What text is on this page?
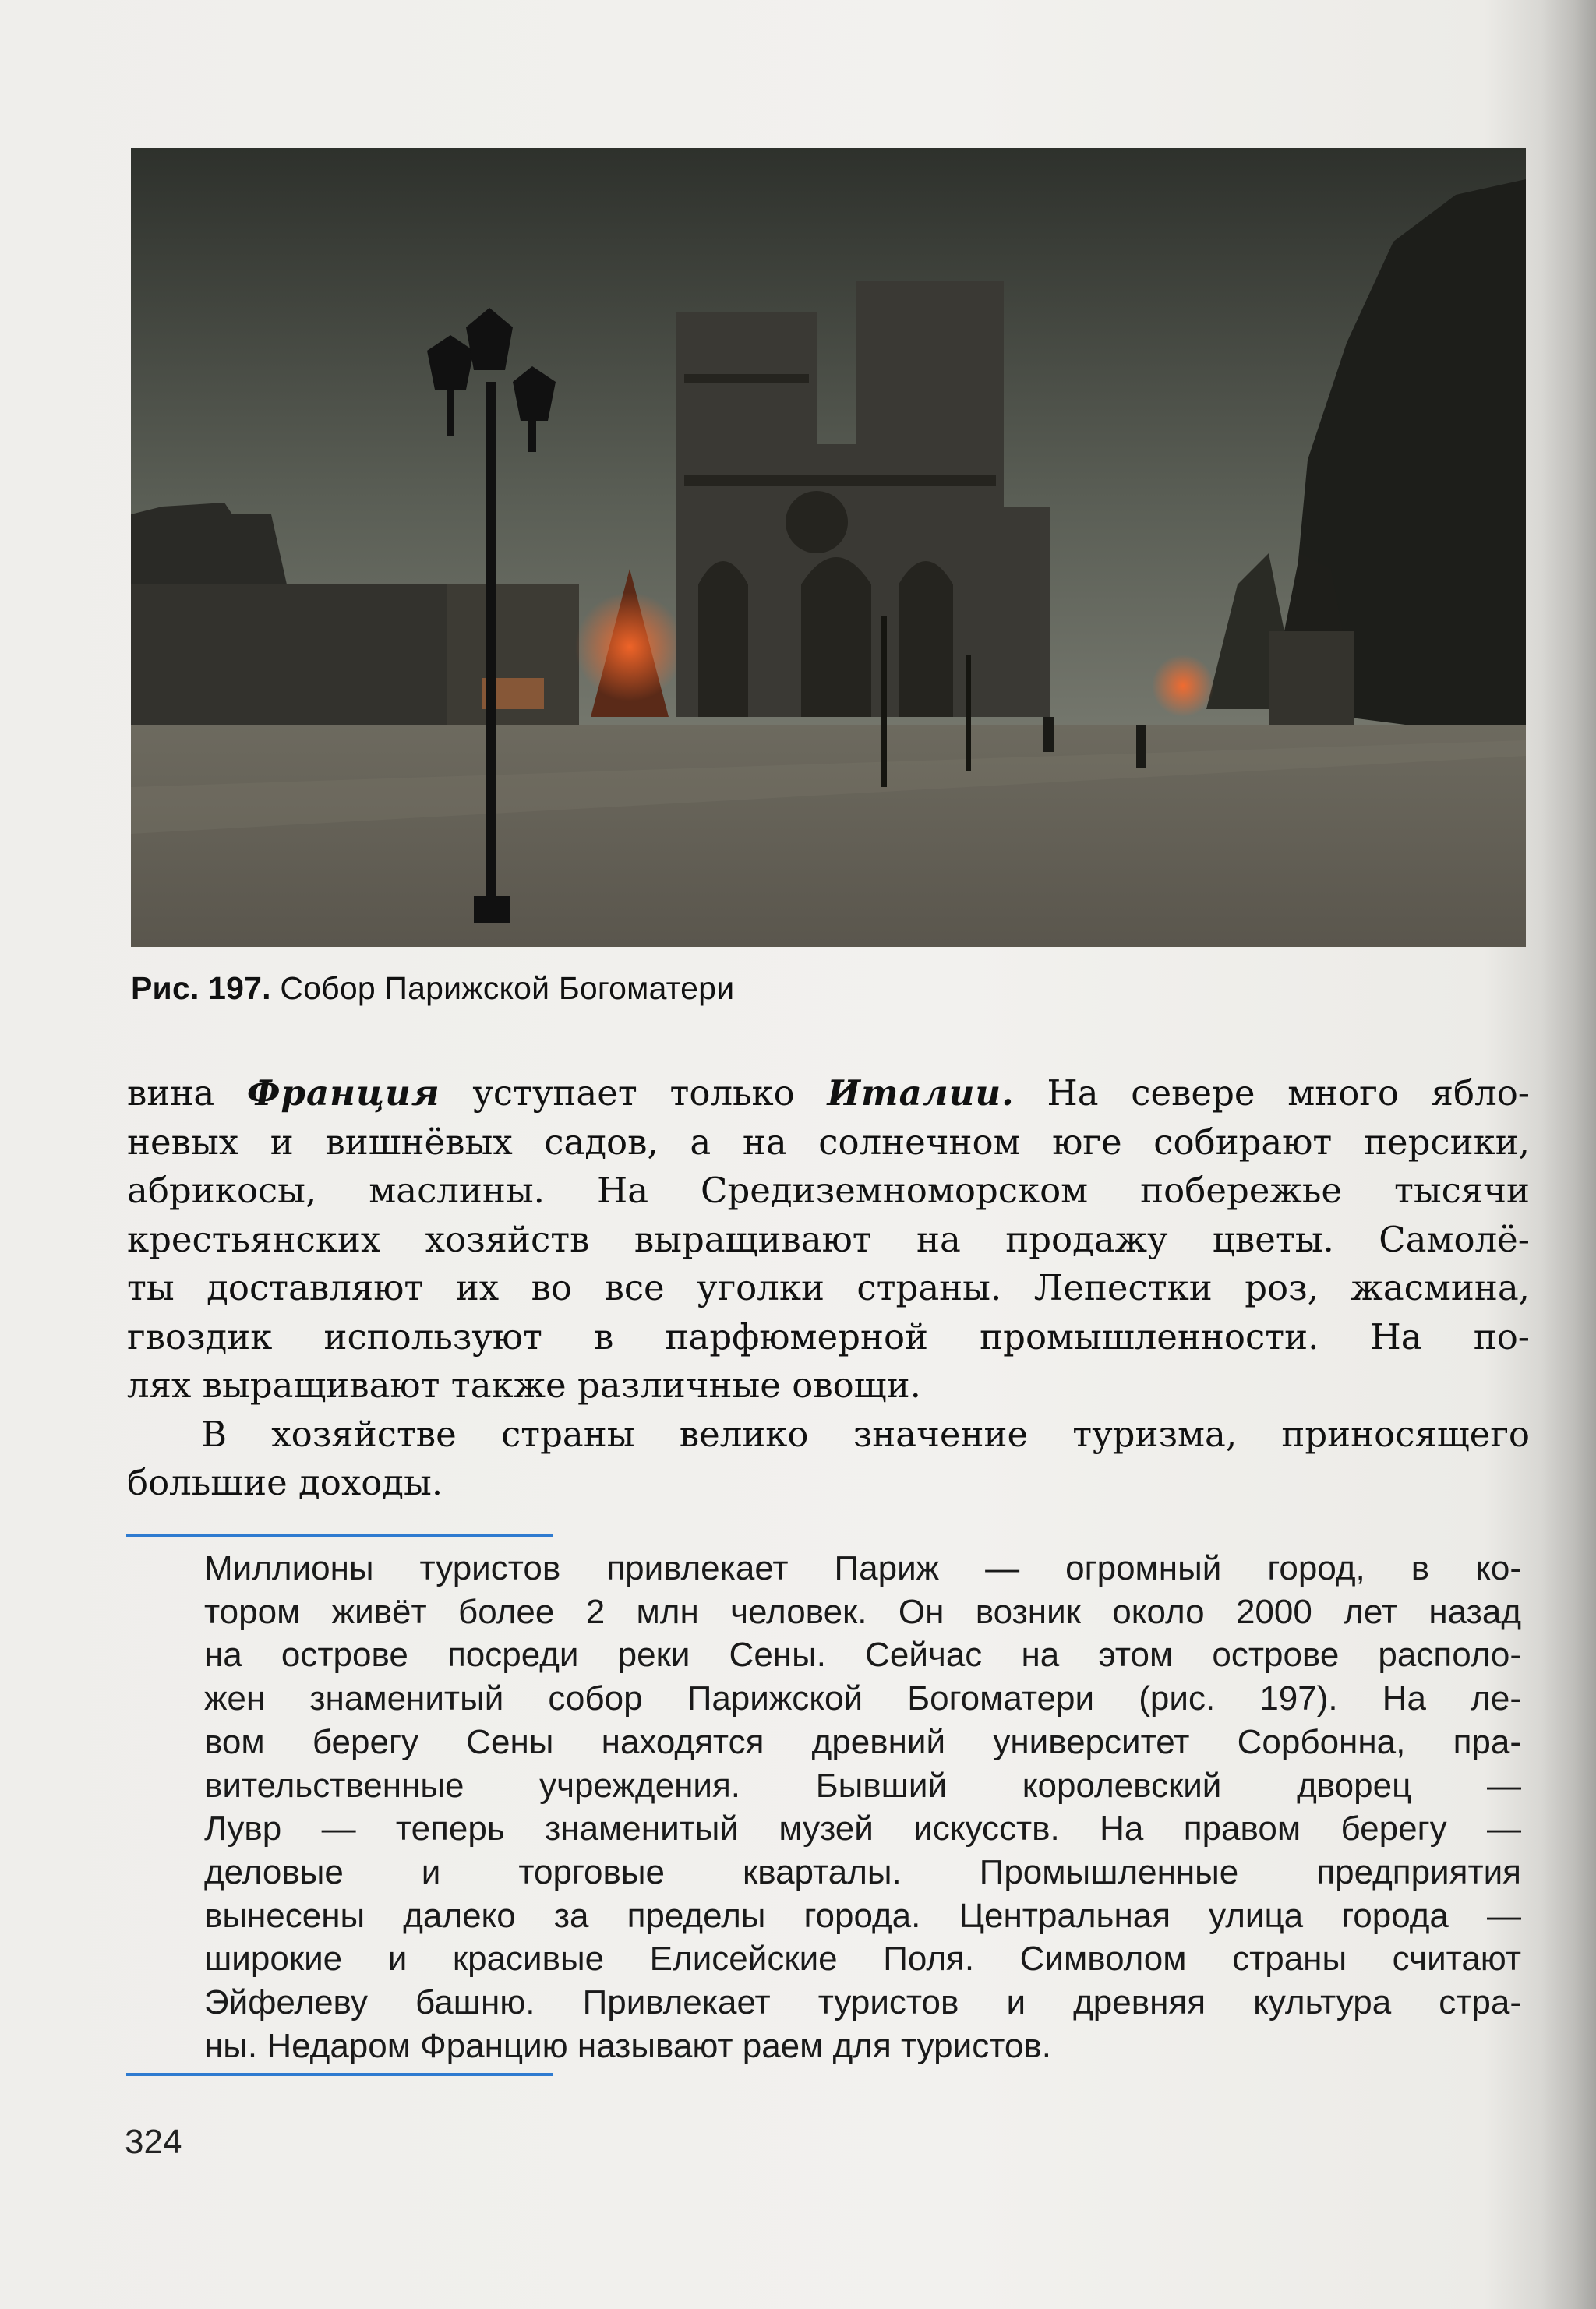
Рис. 197. Собор Парижской Богоматери
вина Франция уступает только Италии. На севере много ябло-
невых и вишнёвых садов, а на солнечном юге собирают персики,
абрикосы, маслины. На Средиземноморском побережье тысячи
крестьянских хозяйств выращивают на продажу цветы. Самолё-
ты доставляют их во все уголки страны. Лепестки роз, жасмина,
гвоздик используют в парфюмерной промышленности. На по-
лях выращивают также различные овощи.
В хозяйстве страны велико значение туризма, приносящего
большие доходы.
Миллионы туристов привлекает Париж — огромный город, в ко-
тором живёт более 2 млн человек. Он возник около 2000 лет назад
на острове посреди реки Сены. Сейчас на этом острове располо-
жен знаменитый собор Парижской Богоматери (рис. 197). На ле-
вом берегу Сены находятся древний университет Сорбонна, пра-
вительственные учреждения. Бывший королевский дворец —
Лувр — теперь знаменитый музей искусств. На правом берегу —
деловые и торговые кварталы. Промышленные предприятия
вынесены далеко за пределы города. Центральная улица города —
широкие и красивые Елисейские Поля. Символом страны считают
Эйфелеву башню. Привлекает туристов и древняя культура стра-
ны. Недаром Францию называют раем для туристов.
324
